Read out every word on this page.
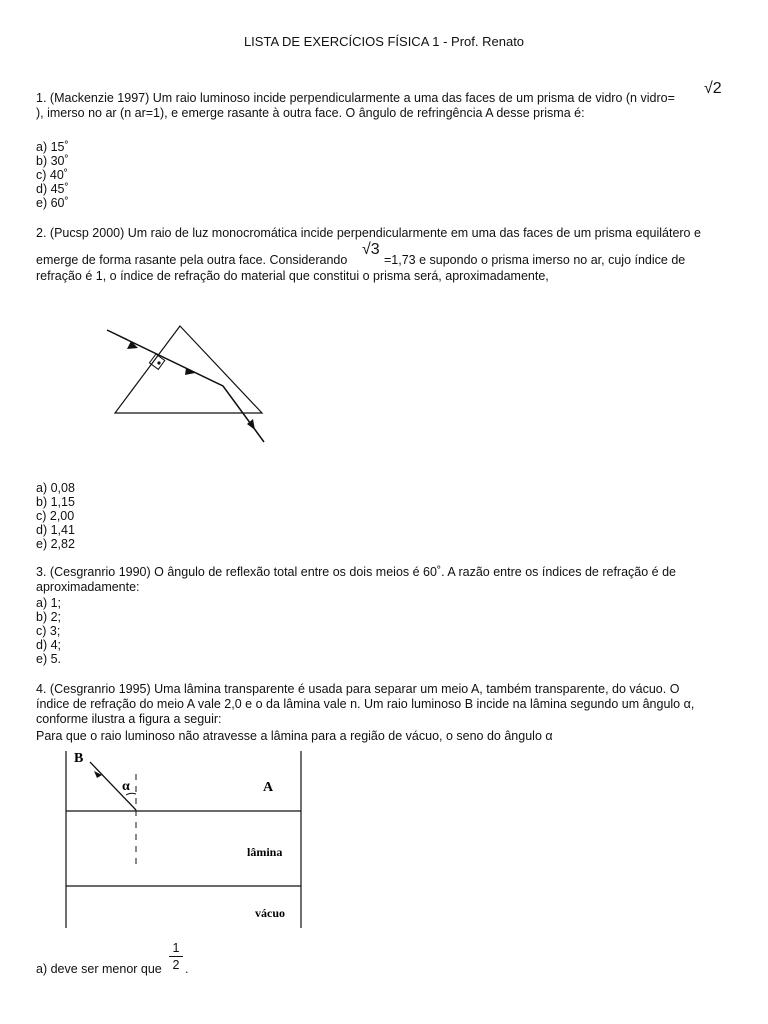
LISTA DE EXERCÍCIOS FÍSICA 1 - Prof. Renato
1. (Mackenzie 1997) Um raio luminoso incide perpendicularmente a uma das faces de um prisma de vidro (n vidro=
√2
), imerso no ar (n ar=1), e emerge rasante à outra face. O ângulo de refringência A desse prisma é:
a) 15˚
b) 30˚
c) 40˚
d) 45˚
e) 60˚
2. (Pucsp 2000) Um raio de luz monocromática incide perpendicularmente em uma das faces de um prisma equilátero e
emerge de forma rasante pela outra face. Considerando
√3
=1,73 e supondo o prisma imerso no ar, cujo índice de
refração é 1, o índice de refração do material que constitui o prisma será, aproximadamente,
a) 0,08
b) 1,15
c) 2,00
d) 1,41
e) 2,82
3. (Cesgranrio 1990) O ângulo de reflexão total entre os dois meios é 60˚. A razão entre os índices de refração é de
aproximadamente:
a) 1;
b) 2;
c) 3;
d) 4;
e) 5.
4. (Cesgranrio 1995) Uma lâmina transparente é usada para separar um meio A, também transparente, do vácuo. O
índice de refração do meio A vale 2,0 e o da lâmina vale n. Um raio luminoso B incide na lâmina segundo um ângulo α,
conforme ilustra a figura a seguir:
Para que o raio luminoso não atravesse a lâmina para a região de vácuo, o seno do ângulo α
B
α	A
lâmina
vácuo
a) deve ser menor que
1
2 .
